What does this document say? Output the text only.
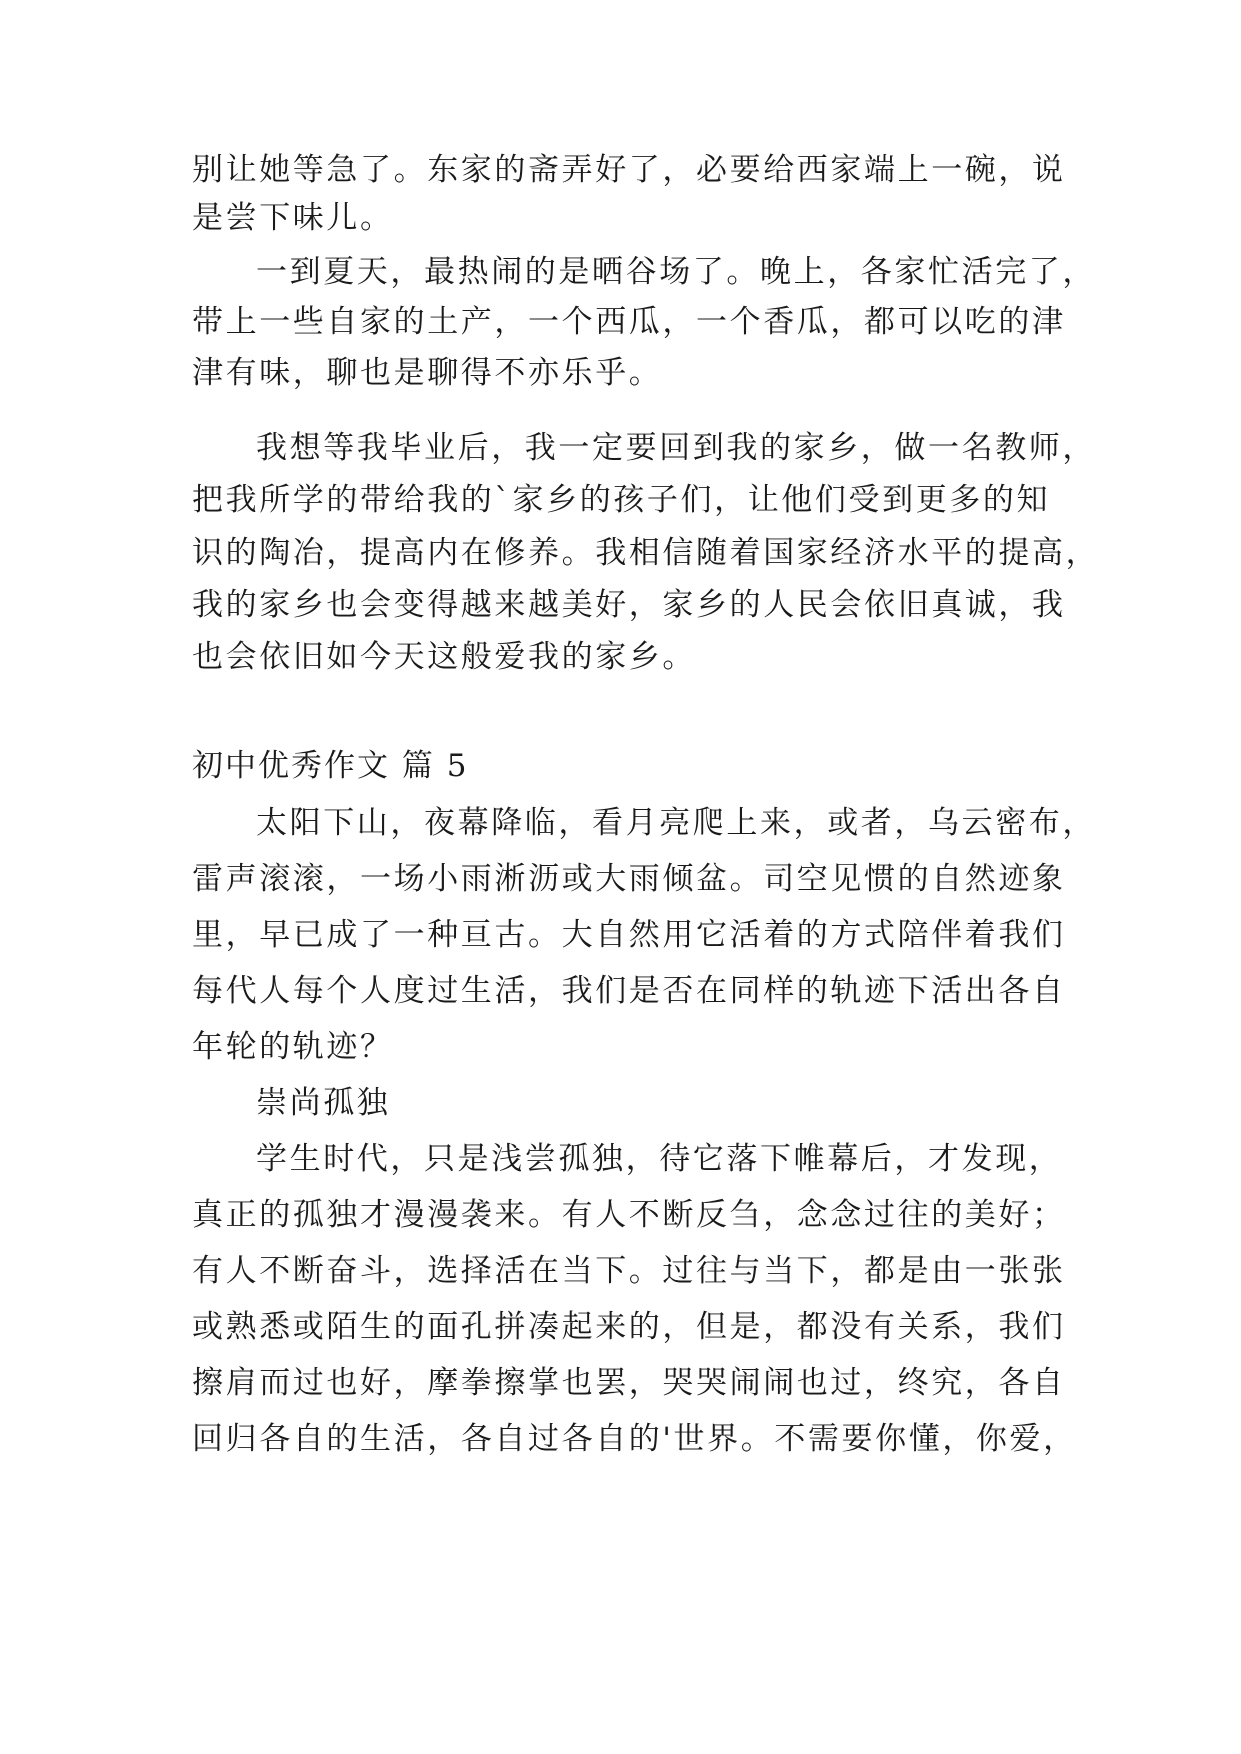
别让她等急了。东家的斋弄好了，必要给西家端上一碗，说
是尝下味儿。
一到夏天，最热闹的是晒谷场了。晚上，各家忙活完了，
带上一些自家的土产，一个西瓜，一个香瓜，都可以吃的津
津有味，聊也是聊得不亦乐乎。
我想等我毕业后，我一定要回到我的家乡，做一名教师，
把我所学的带给我的`家乡的孩子们，让他们受到更多的知
识的陶冶，提高内在修养。我相信随着国家经济水平的提高，
我的家乡也会变得越来越美好，家乡的人民会依旧真诚，我
也会依旧如今天这般爱我的家乡。
初中优秀作文 篇 5
太阳下山，夜幕降临，看月亮爬上来，或者，乌云密布，
雷声滚滚，一场小雨淅沥或大雨倾盆。司空见惯的自然迹象
里，早已成了一种亘古。大自然用它活着的方式陪伴着我们
每代人每个人度过生活，我们是否在同样的轨迹下活出各自
年轮的轨迹？
崇尚孤独
学生时代，只是浅尝孤独，待它落下帷幕后，才发现，
真正的孤独才漫漫袭来。有人不断反刍，念念过往的美好；
有人不断奋斗，选择活在当下。过往与当下，都是由一张张
或熟悉或陌生的面孔拼凑起来的，但是，都没有关系，我们
擦肩而过也好，摩拳擦掌也罢，哭哭闹闹也过，终究，各自
回归各自的生活，各自过各自的'世界。不需要你懂，你爱，
